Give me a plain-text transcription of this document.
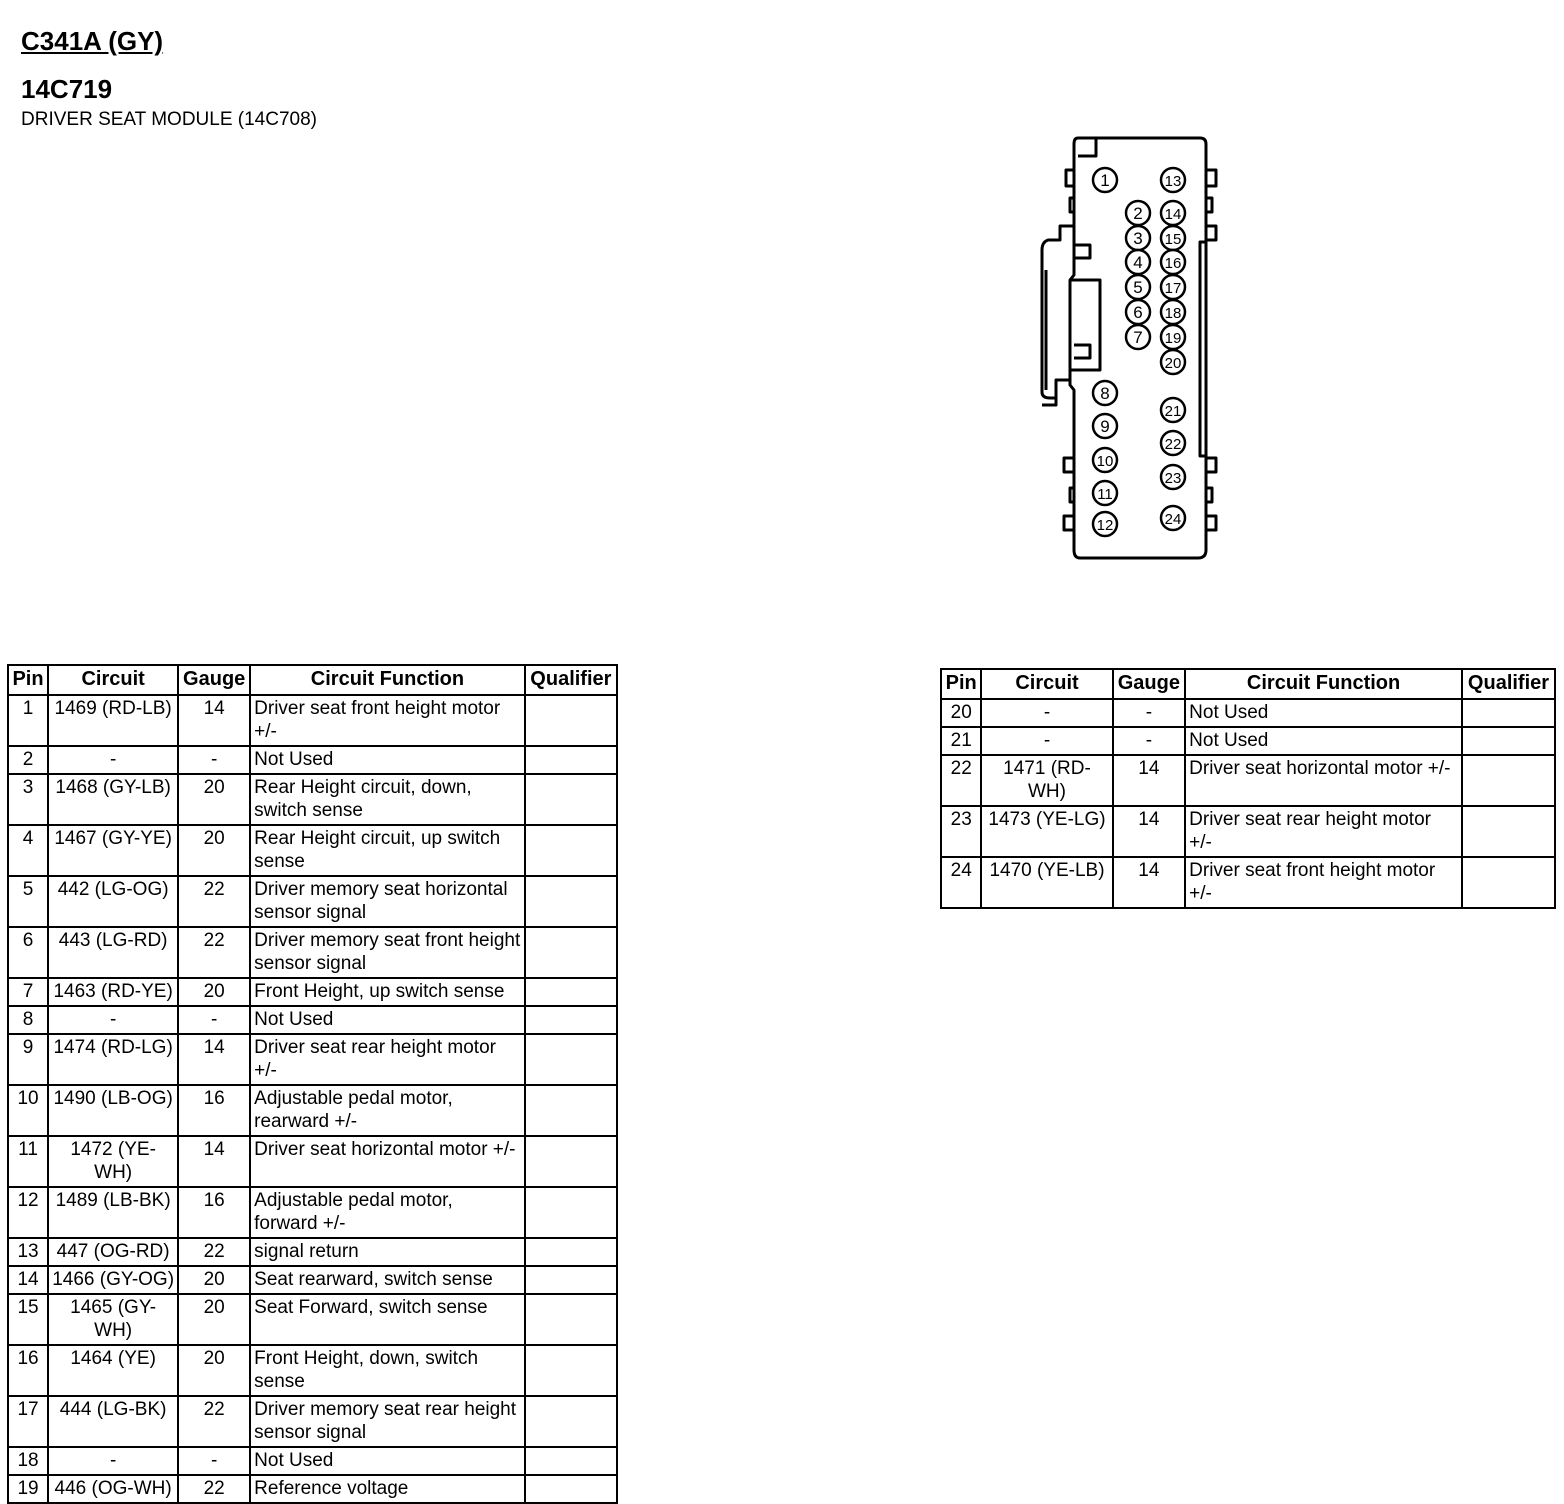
C341A (GY)
14C719
DRIVER SEAT MODULE (14C708)
1
8
9
10
11
12
2
3
4
5
6
7
13
14
15
16
17
18
19
20
21
22
23
24
Pin	Circuit	Gauge	Circuit Function	Qualifier
1	1469 (RD-LB)	14	Driver seat front height motor +/-	
2	-	-	Not Used	
3	1468 (GY-LB)	20	Rear Height circuit, down, switch sense	
4	1467 (GY-YE)	20	Rear Height circuit, up switch sense	
5	442 (LG-OG)	22	Driver memory seat horizontal sensor signal	
6	443 (LG-RD)	22	Driver memory seat front height sensor signal	
7	1463 (RD-YE)	20	Front Height, up switch sense	
8	-	-	Not Used	
9	1474 (RD-LG)	14	Driver seat rear height motor +/-	
10	1490 (LB-OG)	16	Adjustable pedal motor, rearward +/-	
11	1472 (YE-WH)	14	Driver seat horizontal motor +/-	
12	1489 (LB-BK)	16	Adjustable pedal motor, forward +/-	
13	447 (OG-RD)	22	signal return	
14	1466 (GY-OG)	20	Seat rearward, switch sense	
15	1465 (GY-WH)	20	Seat Forward, switch sense	
16	1464 (YE)	20	Front Height, down, switch sense	
17	444 (LG-BK)	22	Driver memory seat rear height sensor signal	
18	-	-	Not Used	
19	446 (OG-WH)	22	Reference voltage	
Pin	Circuit	Gauge	Circuit Function	Qualifier
20	-	-	Not Used	
21	-	-	Not Used	
22	1471 (RD-WH)	14	Driver seat horizontal motor +/-	
23	1473 (YE-LG)	14	Driver seat rear height motor +/-	
24	1470 (YE-LB)	14	Driver seat front height motor +/-	
